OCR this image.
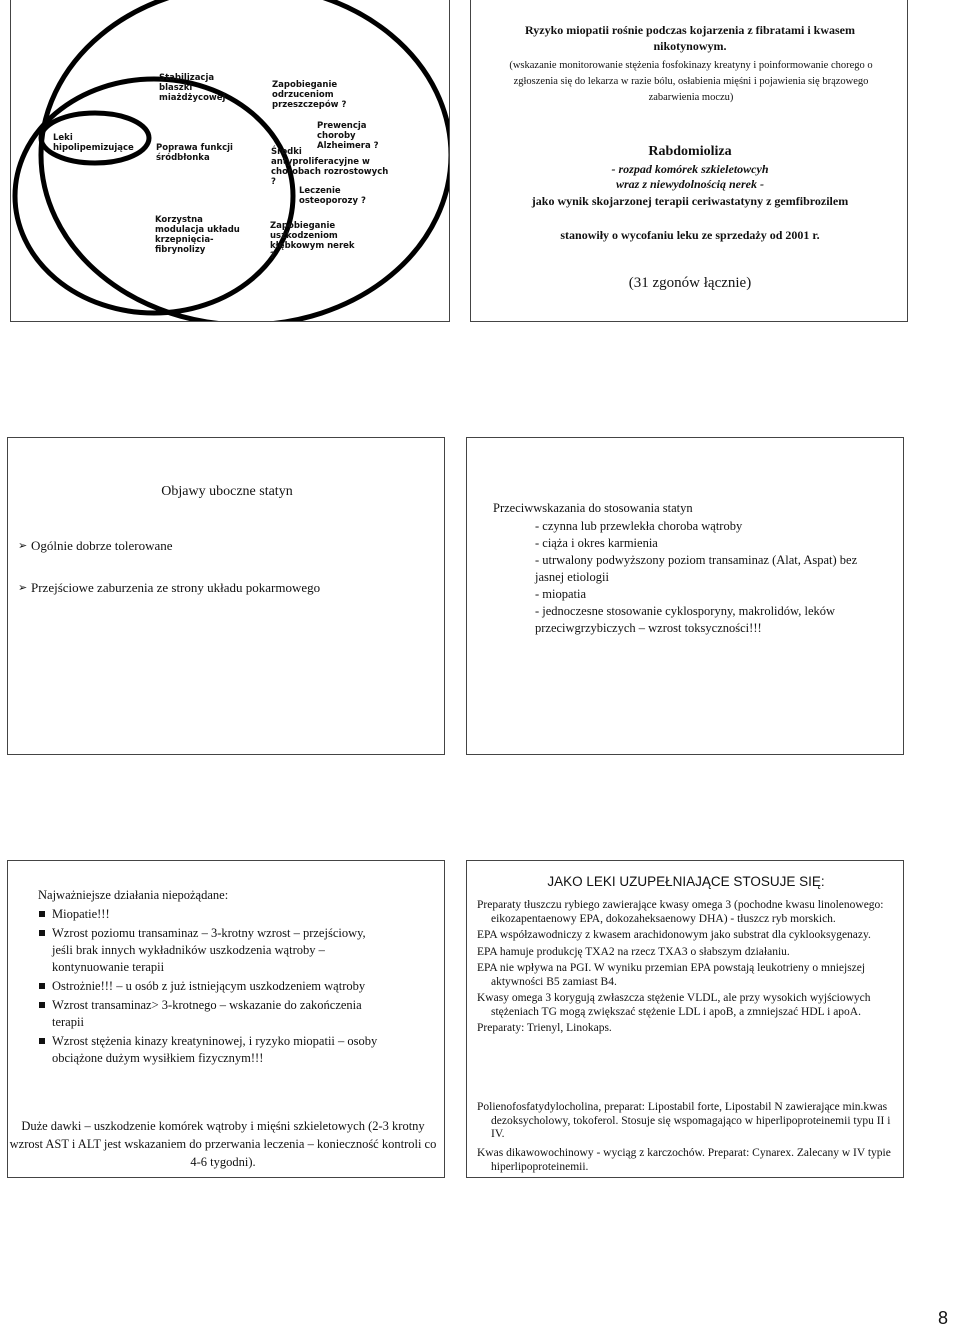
Leki hipolipemizujące
Stabilizacja blaszki miażdżycowej
Zapobieganie odrzuceniom przeszczepów ?
Prewencja choroby Alzheimera ?
Poprawa funkcji śródbłonka
Środki antyproliferacyjne w chorobach rozrostowych ?
Leczenie osteoporozy ?
Korzystna modulacja układu krzepnięcia-fibrynolizy
Zapobieganie uszkodzeniom kłębkowym nerek ?
Ryzyko miopatii rośnie podczas kojarzenia z fibratami i kwasem nikotynowym.
(wskazanie monitorowanie stężenia fosfokinazy kreatyny i poinformowanie chorego o zgłoszenia się do lekarza w razie bólu, osłabienia mięśni i pojawienia się brązowego zabarwienia moczu)
Rabdomioliza
- rozpad komórek szkieletowcyh
wraz z niewydolnością nerek -
jako wynik skojarzonej terapii ceriwastatyny z gemfibrozilem
stanowiły o wycofaniu leku ze sprzedaży od 2001 r.
(31 zgonów łącznie)
Objawy uboczne statyn
➢ Ogólnie dobrze tolerowane
➢ Przejściowe zaburzenia ze strony układu pokarmowego
Przeciwwskazania do stosowania statyn
- czynna lub przewlekła choroba wątroby
- ciąża i okres karmienia
- utrwalony podwyższony poziom transaminaz (Alat, Aspat) bez jasnej etiologii
- miopatia
- jednoczesne stosowanie cyklosporyny, makrolidów, leków przeciwgrzybiczych – wzrost toksyczności!!!
Najważniejsze działania niepożądane:
Miopatie!!!
Wzrost poziomu transaminaz – 3-krotny wzrost – przejściowy, jeśli brak innych wykładników uszkodzenia wątroby – kontynuowanie terapii
Ostrożnie!!! – u osób z już istniejącym uszkodzeniem wątroby
Wzrost transaminaz> 3-krotnego – wskazanie do zakończenia terapii
Wzrost stężenia kinazy kreatyninowej, i ryzyko miopatii – osoby obciążone dużym wysiłkiem fizycznym!!!
Duże dawki – uszkodzenie komórek wątroby i mięśni szkieletowych (2-3 krotny wzrost AST i ALT jest wskazaniem do przerwania leczenia – konieczność kontroli co 4-6 tygodni).
JAKO LEKI UZUPEŁNIAJĄCE STOSUJE SIĘ:

Preparaty tłuszczu rybiego zawierające kwasy omega 3 (pochodne kwasu linolenowego: eikozapentaenowy EPA, dokozaheksaenowy DHA) - tłuszcz ryb morskich.

EPA współzawodniczy z kwasem arachidonowym jako substrat dla cyklooksygenazy.

EPA hamuje produkcję TXA2 na rzecz TXA3 o słabszym działaniu.

EPA nie wpływa na PGI. W wyniku przemian EPA powstają leukotrieny o mniejszej aktywności B5 zamiast B4.

Kwasy omega 3 korygują zwłaszcza stężenie VLDL, ale przy wysokich wyjściowych stężeniach TG mogą zwiększać stężenie LDL i apoB, a zmniejszać HDL i apoA.

Preparaty: Trienyl, Linokaps.

Polienofosfatydylocholina, preparat: Lipostabil forte, Lipostabil N zawierające min.kwas dezoksycholowy, tokoferol. Stosuje się wspomagająco w hiperlipoproteinemii typu II i IV.

Kwas dikawowochinowy - wyciąg z karczochów. Preparat: Cynarex. Zalecany w IV typie hiperlipoproteinemii.

8
